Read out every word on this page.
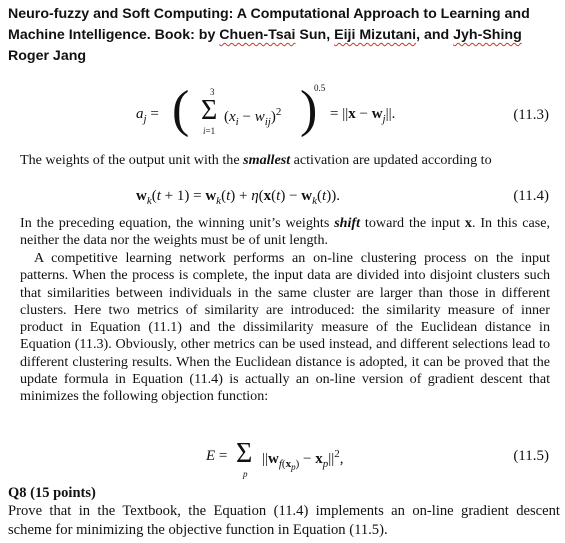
Neuro-fuzzy and Soft Computing: A Computational Approach to Learning and
Machine Intelligence. Book: by Chuen-Tsai Sun, Eiji Mizutani, and Jyh-Shing
Roger Jang
$a_j$ = ( 3
Σ
i=1
$(x_i - w_{ij})^2$ )
0.5
= $||x - w_j||$.	(11.3)
The weights of the output unit with the smallest activation are updated according to
$w_k(t + 1) = w_k(t) + \eta(x(t) - w_k(t))$.	(11.4)
In the preceding equation, the winning unit’s weights shift toward the input x. In this case, neither the data nor the weights must be of unit length.
A competitive learning network performs an on-line clustering process on the input patterns. When the process is complete, the input data are divided into disjoint clusters such that similarities between individuals in the same cluster are larger than those in different clusters. Here two metrics of similarity are introduced: the similarity measure of inner product in Equation (11.1) and the dissimilarity measure of the Euclidean distance in Equation (11.3). Obviously, other metrics can be used instead, and different selections lead to different clustering results. When the Euclidean distance is adopted, it can be proved that the update formula in Equation (11.4) is actually an on-line version of gradient descent that minimizes the following objection function:
E = Σ
p
$||w_{f(x_p)} - x_p||^2$,	(11.5)
Q8 (15 points)
Prove that in the Textbook, the Equation (11.4) implements an on-line gradient descent scheme for minimizing the objective function in Equation (11.5).
